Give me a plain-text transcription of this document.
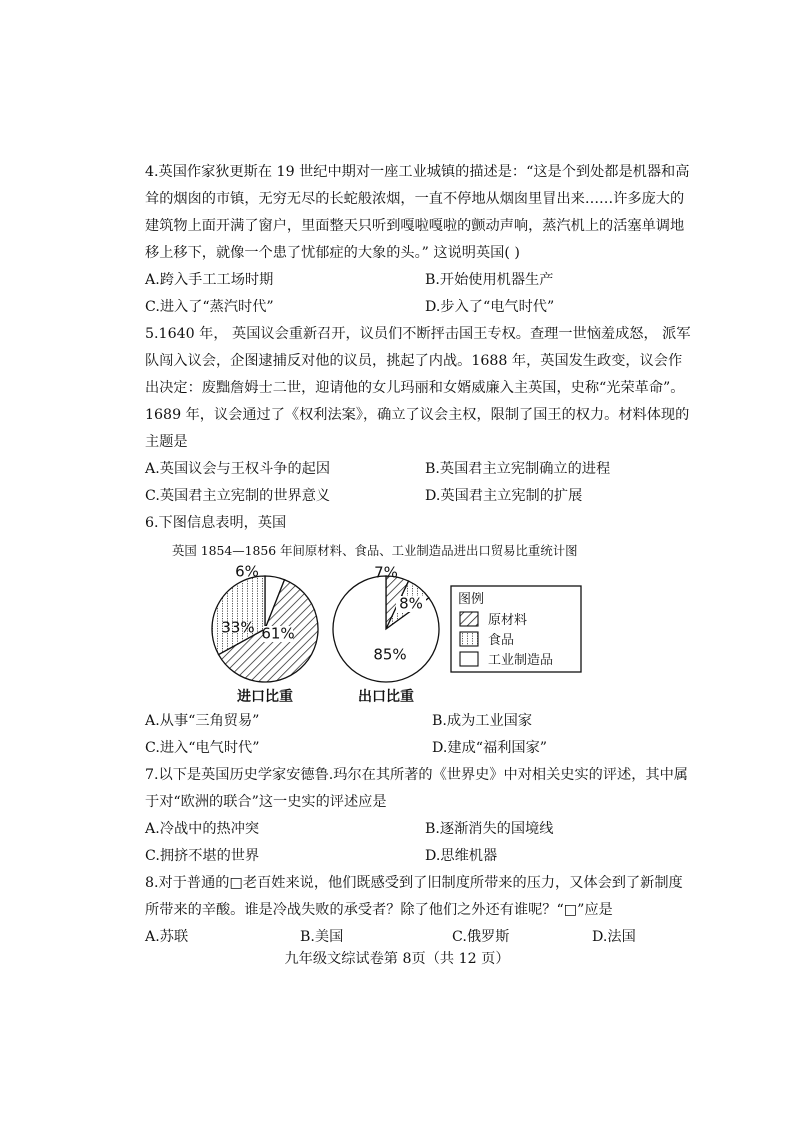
4.英国作家狄更斯在 19 世纪中期对一座工业城镇的描述是：“这是个到处都是机器和高
耸的烟囱的市镇，无穷无尽的长蛇般浓烟，一直不停地从烟囱里冒出来……许多庞大的
建筑物上面开满了窗户，里面整天只听到嘎啦嘎啦的颤动声响，蒸汽机上的活塞单调地
移上移下，就像一个患了忧郁症的大象的头。” 这说明英国( )
A.跨入手工工场时期	B.开始使用机器生产
C.进入了“蒸汽时代”	D.步入了“电气时代”
5.1640 年， 英国议会重新召开，议员们不断抨击国王专权。查理一世恼羞成怒， 派军
队闯入议会，企图逮捕反对他的议员，挑起了内战。1688 年，英国发生政变，议会作
出决定：废黜詹姆士二世，迎请他的女儿玛丽和女婿威廉入主英国，史称“光荣革命”。
1689 年，议会通过了《权利法案》，确立了议会主权，限制了国王的权力。材料体现的
主题是
A.英国议会与王权斗争的起因	B.英国君主立宪制确立的进程
C.英国君主立宪制的世界意义	D.英国君主立宪制的扩展
6.下图信息表明，英国
英国 1854—1856 年间原材料、食品、工业制造品进出口贸易比重统计图
61%
33%
6%
进口比重
7%
8%
85%
出口比重
图例
原材料
食品
工业制造品
A.从事“三角贸易”	B.成为工业国家
C.进入“电气时代”	D.建成“福利国家”
7.以下是英国历史学家安德鲁.玛尔在其所著的《世界史》中对相关史实的评述，其中属
于对“欧洲的联合”这一史实的评述应是
A.冷战中的热冲突	B.逐渐消失的国境线
C.拥挤不堪的世界	D.思维机器
8.对于普通的□老百姓来说，他们既感受到了旧制度所带来的压力，又体会到了新制度
所带来的辛酸。谁是冷战失败的承受者？除了他们之外还有谁呢？“□”应是
A.苏联	B.美国	C.俄罗斯	D.法国
九年级文综试卷第 8页（共 12 页）
